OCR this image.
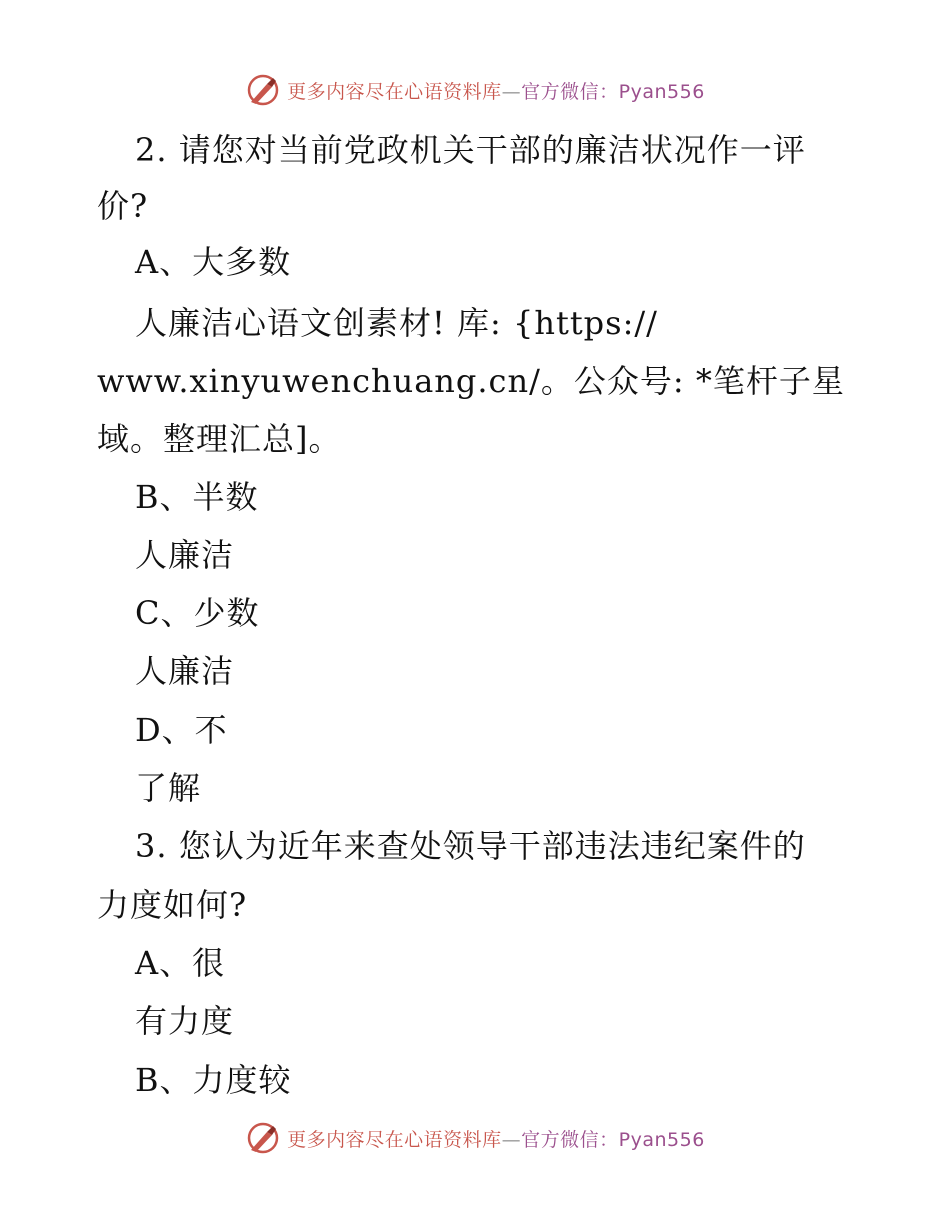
更多内容尽在心语资料库—官方微信：Pyan556
2. 请您对当前党政机关干部的廉洁状况作一评
价?
A、大多数
人廉洁心语文创素材! 库: {https://
www.xinyuwenchuang.cn/。公众号: *笔杆子星
域。整理汇总]。
B、半数
人廉洁
C、少数
人廉洁
D、不
了解
3. 您认为近年来查处领导干部违法违纪案件的
力度如何?
A、很
有力度
B、力度较
更多内容尽在心语资料库—官方微信：Pyan556
